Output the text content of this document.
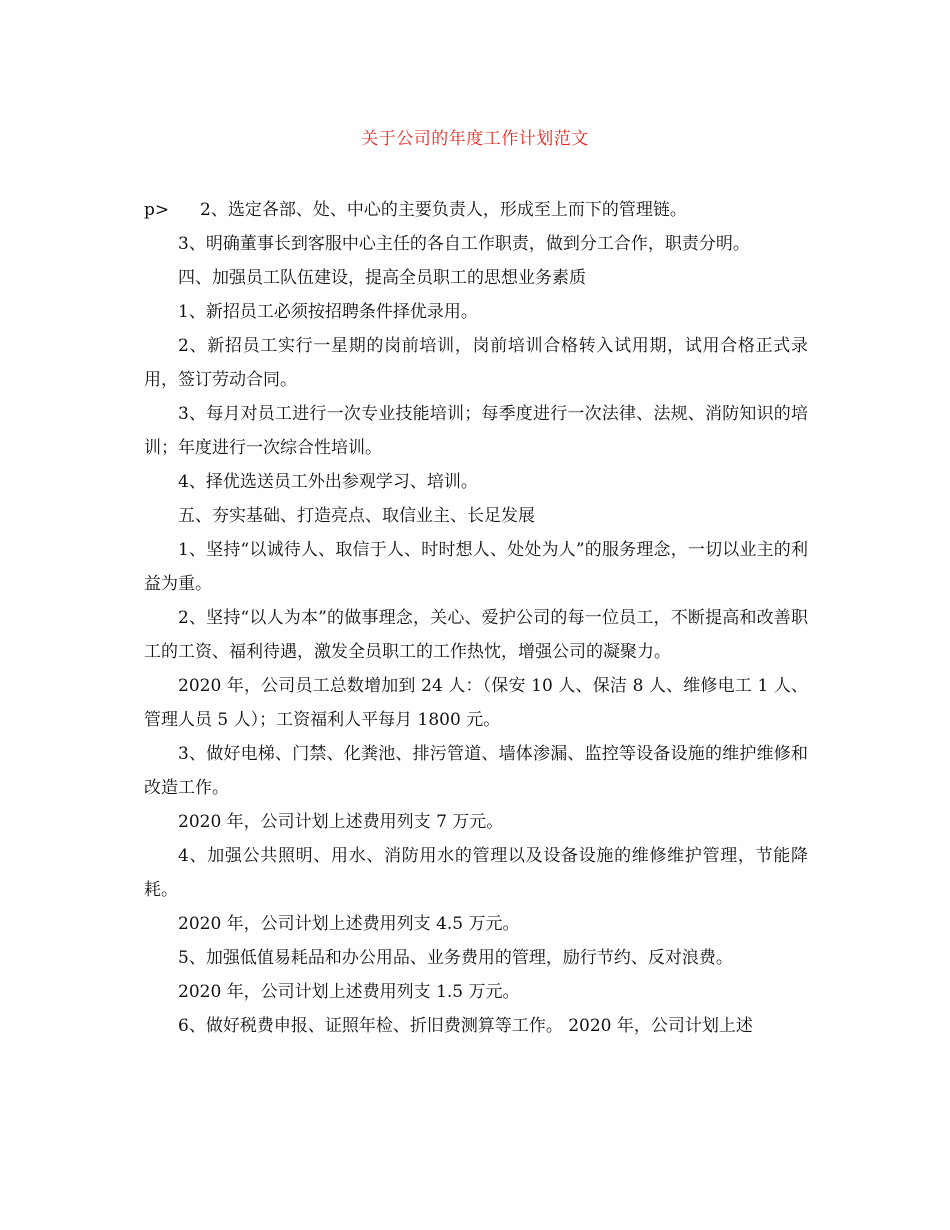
关于公司的年度工作计划范文

p> 2、选定各部、处、中心的主要负责人，形成至上而下的管理链。

3、明确董事长到客服中心主任的各自工作职责，做到分工合作，职责分明。

四、加强员工队伍建设，提高全员职工的思想业务素质

1、新招员工必须按招聘条件择优录用。

2、新招员工实行一星期的岗前培训，岗前培训合格转入试用期，试用合格正式录用，签订劳动合同。

3、每月对员工进行一次专业技能培训；每季度进行一次法律、法规、消防知识的培训；年度进行一次综合性培训。

4、择优选送员工外出参观学习、培训。

五、夯实基础、打造亮点、取信业主、长足发展

1、坚持“以诚待人、取信于人、时时想人、处处为人”的服务理念，一切以业主的利益为重。

2、坚持“以人为本”的做事理念，关心、爱护公司的每一位员工，不断提高和改善职工的工资、福利待遇，激发全员职工的工作热忱，增强公司的凝聚力。

2020 年，公司员工总数增加到 24 人：（保安 10 人、保洁 8 人、维修电工 1 人、管理人员 5 人）；工资福利人平每月 1800 元。

3、做好电梯、门禁、化粪池、排污管道、墙体渗漏、监控等设备设施的维护维修和改造工作。

2020 年，公司计划上述费用列支 7 万元。

4、加强公共照明、用水、消防用水的管理以及设备设施的维修维护管理，节能降耗。

2020 年，公司计划上述费用列支 4.5 万元。

5、加强低值易耗品和办公用品、业务费用的管理，励行节约、反对浪费。

2020 年，公司计划上述费用列支 1.5 万元。

6、做好税费申报、证照年检、折旧费测算等工作。 2020 年，公司计划上述
